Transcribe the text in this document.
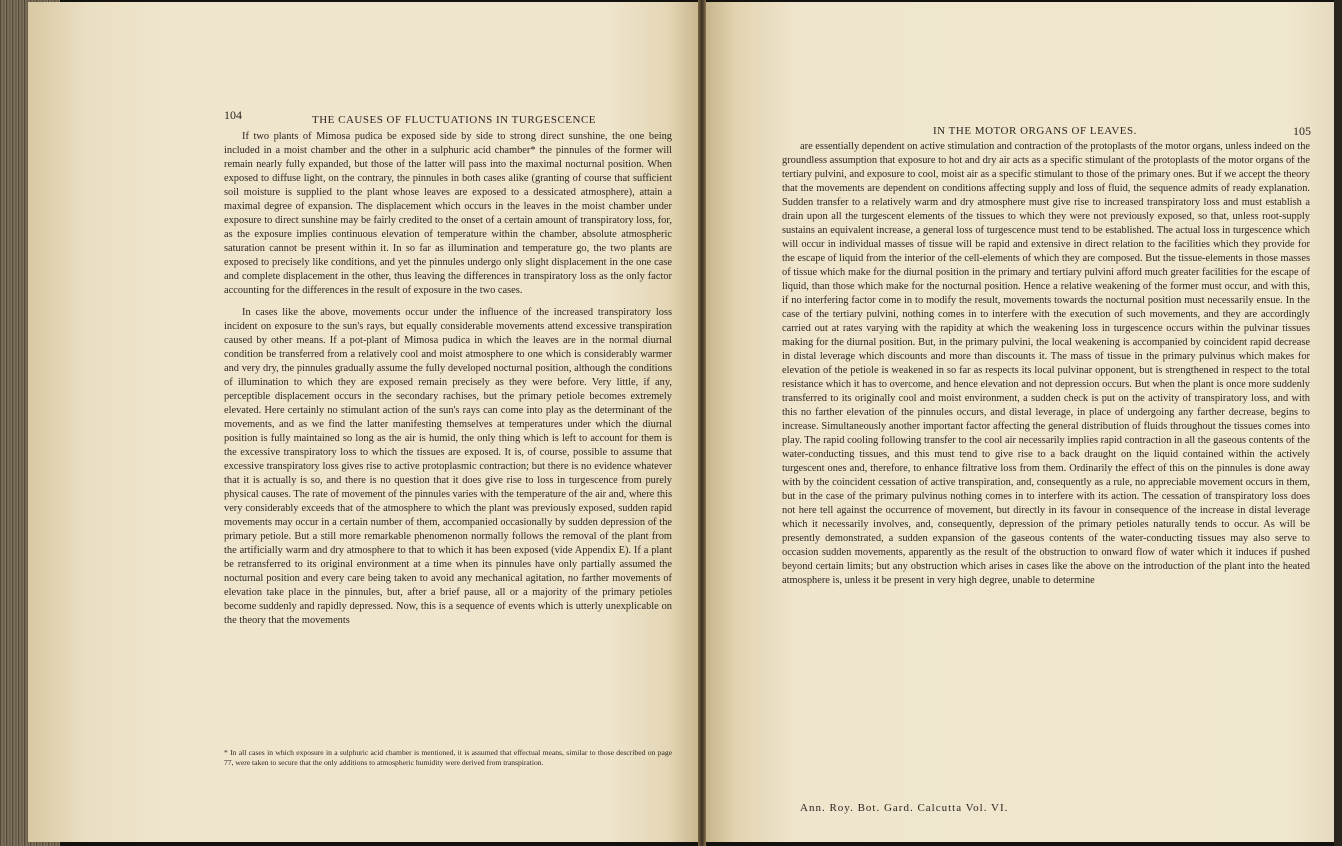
104	THE CAUSES OF FLUCTUATIONS IN TURGESCENCE

If two plants of Mimosa pudica be exposed side by side to strong direct sunshine, the one being included in a moist chamber and the other in a sulphuric acid chamber* the pinnules of the former will remain nearly fully expanded, but those of the latter will pass into the maximal nocturnal position. When exposed to diffuse light, on the contrary, the pinnules in both cases alike (granting of course that sufficient soil moisture is supplied to the plant whose leaves are exposed to a dessicated atmosphere), attain a maximal degree of expansion. The displacement which occurs in the leaves in the moist chamber under exposure to direct sunshine may be fairly credited to the onset of a certain amount of transpiratory loss, for, as the exposure implies continuous elevation of temperature within the chamber, absolute atmospheric saturation cannot be present within it. In so far as illumination and temperature go, the two plants are exposed to precisely like conditions, and yet the pinnules undergo only slight displacement in the one case and complete displacement in the other, thus leaving the differences in transpiratory loss as the only factor accounting for the differences in the result of exposure in the two cases.

In cases like the above, movements occur under the influence of the increased transpiratory loss incident on exposure to the sun's rays, but equally considerable movements attend excessive transpiration caused by other means. If a pot-plant of Mimosa pudica in which the leaves are in the normal diurnal condition be transferred from a relatively cool and moist atmosphere to one which is considerably warmer and very dry, the pinnules gradually assume the fully developed nocturnal position, although the conditions of illumination to which they are exposed remain precisely as they were before. Very little, if any, perceptible displacement occurs in the secondary rachises, but the primary petiole becomes extremely elevated. Here certainly no stimulant action of the sun's rays can come into play as the determinant of the movements, and as we find the latter manifesting themselves at temperatures under which the diurnal position is fully maintained so long as the air is humid, the only thing which is left to account for them is the excessive transpiratory loss to which the tissues are exposed. It is, of course, possible to assume that excessive transpiratory loss gives rise to active protoplasmic contraction; but there is no evidence whatever that it is actually is so, and there is no question that it does give rise to loss in turgescence from purely physical causes. The rate of movement of the pinnules varies with the temperature of the air and, where this very considerably exceeds that of the atmosphere to which the plant was previously exposed, sudden rapid movements may occur in a certain number of them, accompanied occasionally by sudden depression of the primary petiole. But a still more remarkable phenomenon normally follows the removal of the plant from the artificially warm and dry atmosphere to that to which it has been exposed (vide Appendix E). If a plant be retransferred to its original environment at a time when its pinnules have only partially assumed the nocturnal position and every care being taken to avoid any mechanical agitation, no farther movements of elevation take place in the pinnules, but, after a brief pause, all or a majority of the primary petioles become suddenly and rapidly depressed. Now, this is a sequence of events which is utterly unexplicable on the theory that the movements

* In all cases in which exposure in a sulphuric acid chamber is mentioned, it is assumed that effectual means, similar to those described on page 77, were taken to secure that the only additions to atmospheric humidity were derived from transpiration.
IN THE MOTOR ORGANS OF LEAVES.	105

are essentially dependent on active stimulation and contraction of the protoplasts of the motor organs, unless indeed on the groundless assumption that exposure to hot and dry air acts as a specific stimulant of the protoplasts of the motor organs of the tertiary pulvini, and exposure to cool, moist air as a specific stimulant to those of the primary ones. But if we accept the theory that the movements are dependent on conditions affecting supply and loss of fluid, the sequence admits of ready explanation. Sudden transfer to a relatively warm and dry atmosphere must give rise to increased transpiratory loss and must establish a drain upon all the turgescent elements of the tissues to which they were not previously exposed, so that, unless root-supply sustains an equivalent increase, a general loss of turgescence must tend to be established. The actual loss in turgescence which will occur in individual masses of tissue will be rapid and extensive in direct relation to the facilities which they provide for the escape of liquid from the interior of the cell-elements of which they are composed. But the tissue-elements in those masses of tissue which make for the diurnal position in the primary and tertiary pulvini afford much greater facilities for the escape of liquid, than those which make for the nocturnal position. Hence a relative weakening of the former must occur, and with this, if no interfering factor come in to modify the result, movements towards the nocturnal position must necessarily ensue. In the case of the tertiary pulvini, nothing comes in to interfere with the execution of such movements, and they are accordingly carried out at rates varying with the rapidity at which the weakening loss in turgescence occurs within the pulvinar tissues making for the diurnal position. But, in the primary pulvini, the local weakening is accompanied by coincident rapid decrease in distal leverage which discounts and more than discounts it. The mass of tissue in the primary pulvinus which makes for elevation of the petiole is weakened in so far as respects its local pulvinar opponent, but is strengthened in respect to the total resistance which it has to overcome, and hence elevation and not depression occurs. But when the plant is once more suddenly transferred to its originally cool and moist environment, a sudden check is put on the activity of transpiratory loss, and with this no farther elevation of the pinnules occurs, and distal leverage, in place of undergoing any farther decrease, begins to increase. Simultaneously another important factor affecting the general distribution of fluids throughout the tissues comes into play. The rapid cooling following transfer to the cool air necessarily implies rapid contraction in all the gaseous contents of the water-conducting tissues, and this must tend to give rise to a back draught on the liquid contained within the actively turgescent ones and, therefore, to enhance filtrative loss from them. Ordinarily the effect of this on the pinnules is done away with by the coincident cessation of active transpiration, and, consequently as a rule, no appreciable movement occurs in them, but in the case of the primary pulvinus nothing comes in to interfere with its action. The cessation of transpiratory loss does not here tell against the occurrence of movement, but directly in its favour in consequence of the increase in distal leverage which it necessarily involves, and, consequently, depression of the primary petioles naturally tends to occur. As will be presently demonstrated, a sudden expansion of the gaseous contents of the water-conducting tissues may also serve to occasion sudden movements, apparently as the result of the obstruction to onward flow of water which it induces if pushed beyond certain limits; but any obstruction which arises in cases like the above on the introduction of the plant into the heated atmosphere is, unless it be present in very high degree, unable to determine

Ann. Roy. Bot. Gard. Calcutta Vol. VI.
